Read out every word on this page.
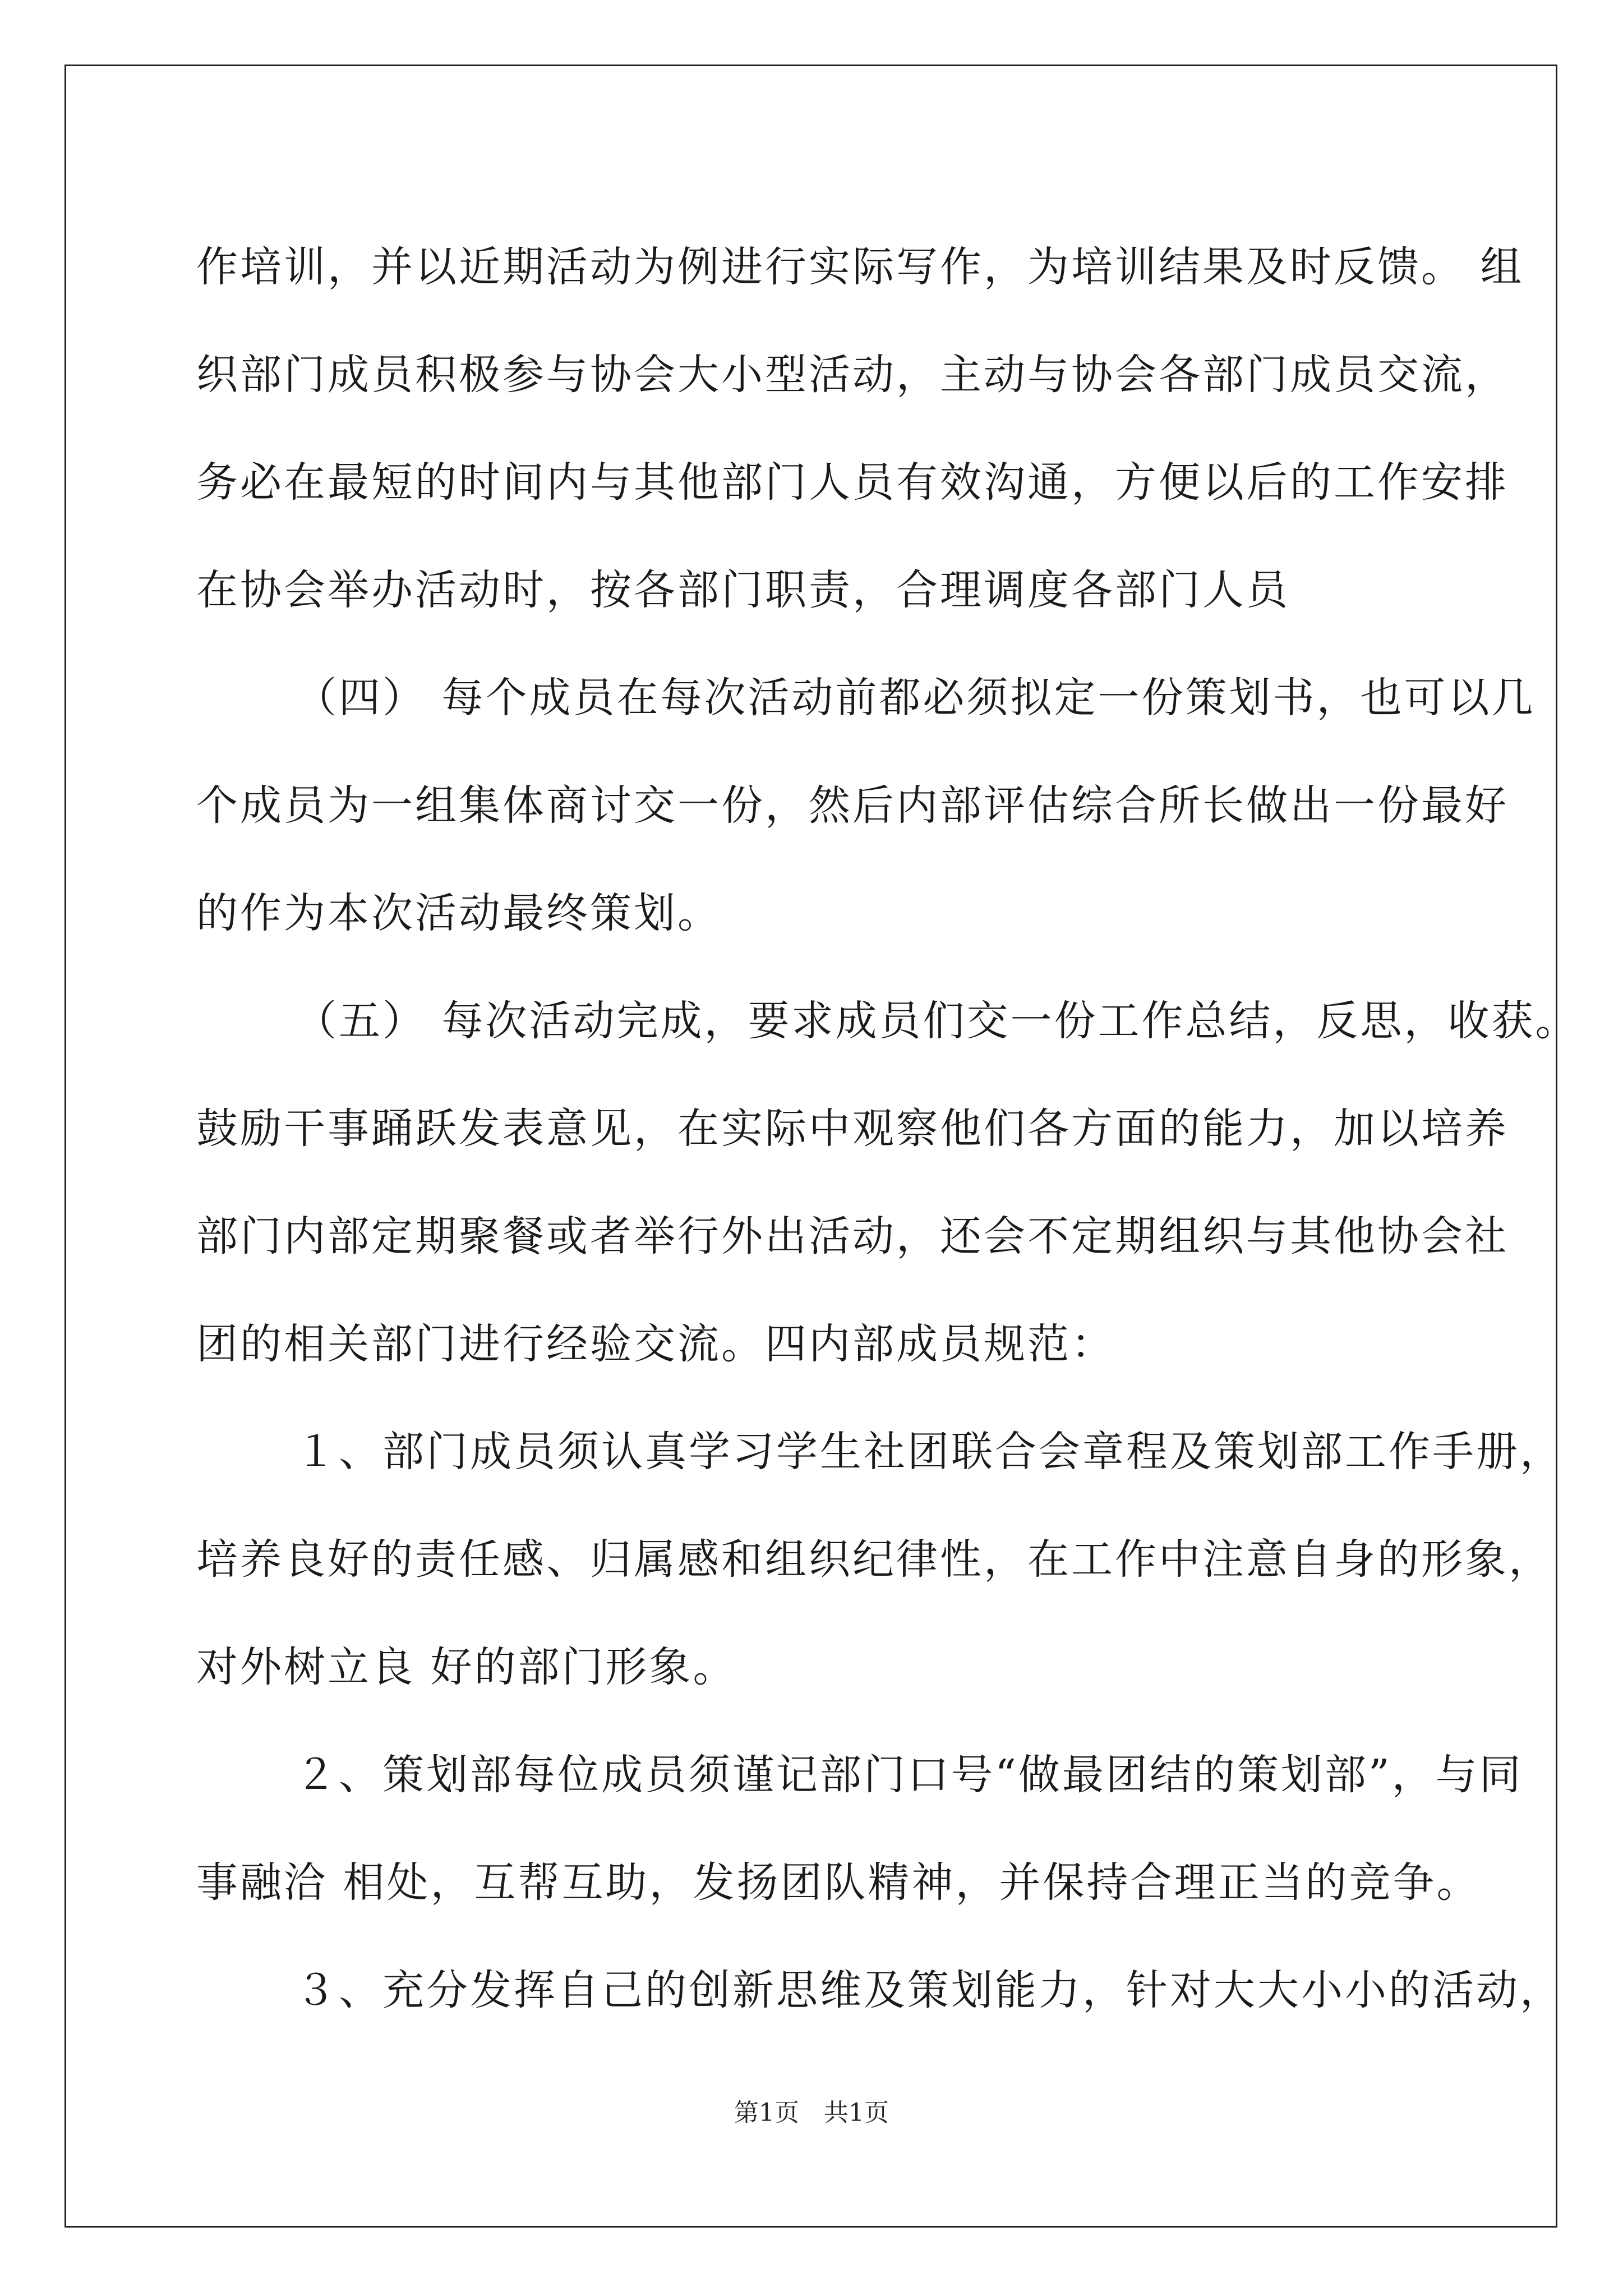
作培训，并以近期活动为例进行实际写作，为培训结果及时反馈。 组
织部门成员积极参与协会大小型活动，主动与协会各部门成员交流，
务必在最短的时间内与其他部门人员有效沟通，方便以后的工作安排
在协会举办活动时，按各部门职责，合理调度各部门人员
（四） 每个成员在每次活动前都必须拟定一份策划书，也可以几
个成员为一组集体商讨交一份，然后内部评估综合所长做出一份最好
的作为本次活动最终策划。
（五） 每次活动完成，要求成员们交一份工作总结，反思，收获。
鼓励干事踊跃发表意见，在实际中观察他们各方面的能力，加以培养
部门内部定期聚餐或者举行外出活动，还会不定期组织与其他协会社
团的相关部门进行经验交流。四内部成员规范：
１、部门成员须认真学习学生社团联合会章程及策划部工作手册，
培养良好的责任感、归属感和组织纪律性，在工作中注意自身的形象，
对外树立良 好的部门形象。
２、策划部每位成员须谨记部门口号“做最团结的策划部”，与同
事融洽 相处，互帮互助，发扬团队精神，并保持合理正当的竞争。
３、充分发挥自己的创新思维及策划能力，针对大大小小的活动，
第1页　共1页
